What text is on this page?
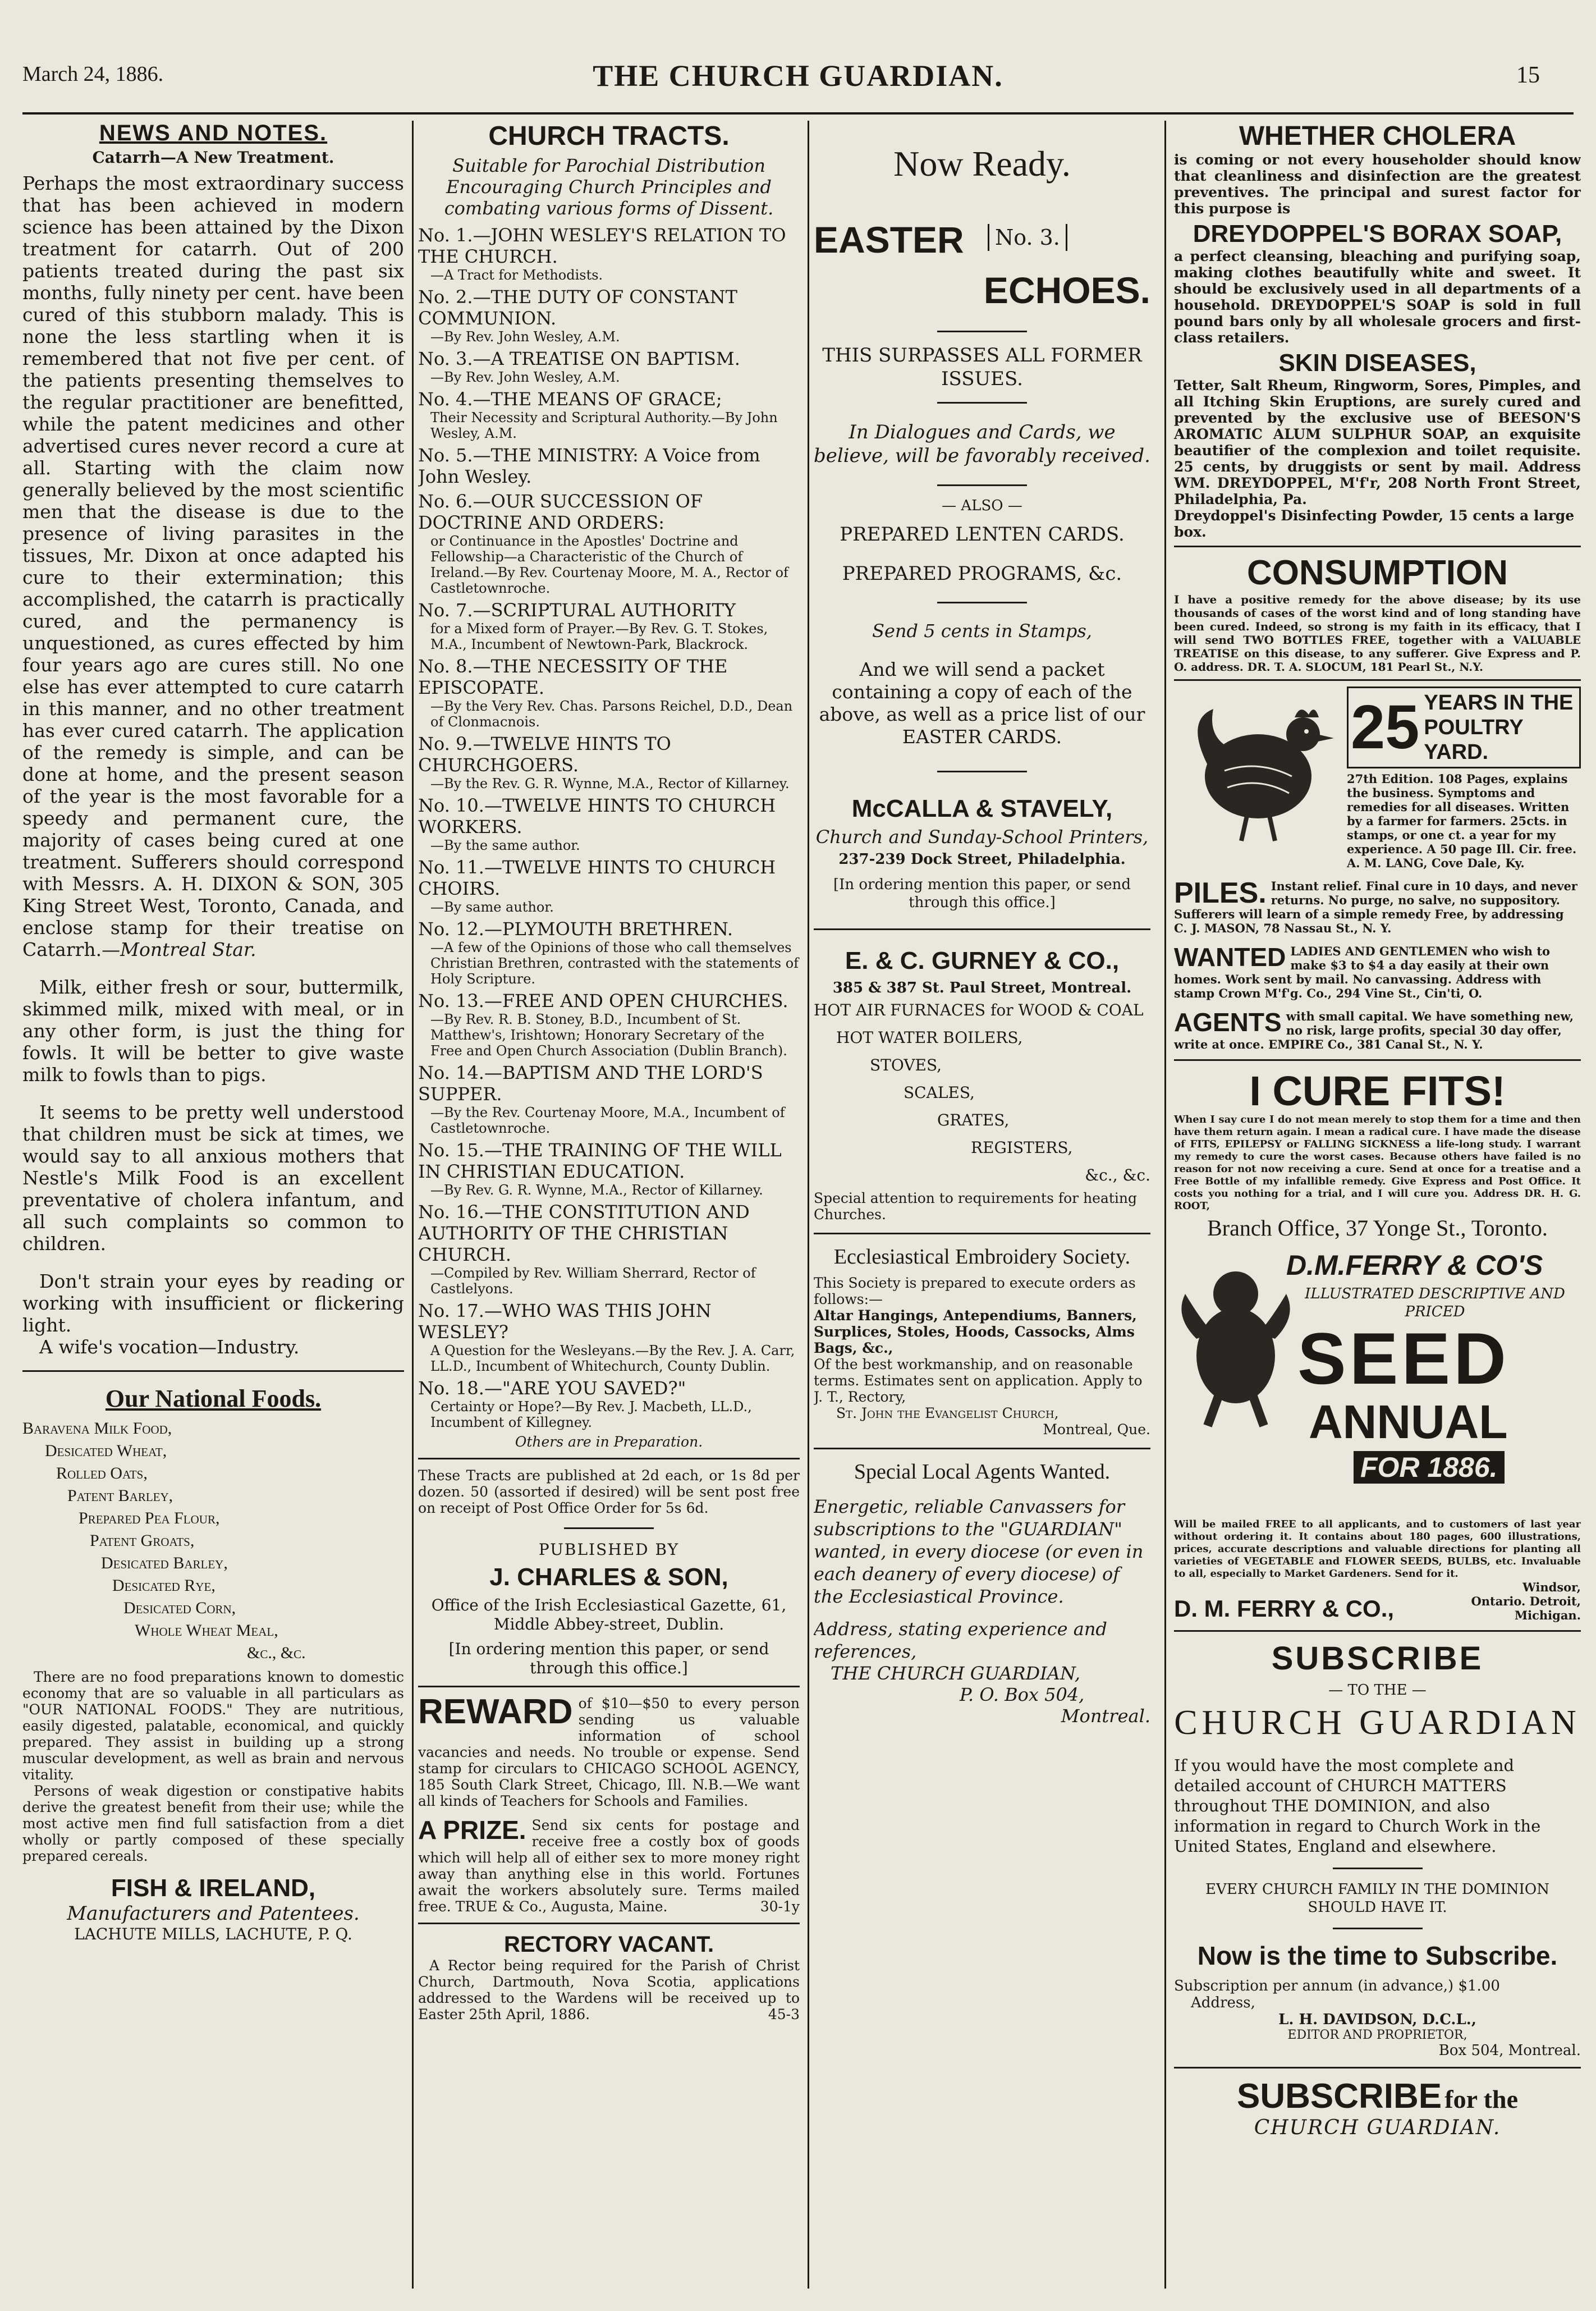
March 24, 1886.	THE CHURCH GUARDIAN.	15
NEWS AND NOTES.
Catarrh—A New Treatment.

Perhaps the most extraordinary success that has been achieved in modern science has been attained by the Dixon treatment for catarrh. Out of 200 patients treated during the past six months, fully ninety per cent. have been cured of this stubborn malady. This is none the less startling when it is remembered that not five per cent. of the patients presenting themselves to the regular practitioner are benefitted, while the patent medicines and other advertised cures never record a cure at all. Starting with the claim now generally believed by the most scientific men that the disease is due to the presence of living parasites in the tissues, Mr. Dixon at once adapted his cure to their extermination; this accomplished, the catarrh is practically cured, and the permanency is unquestioned, as cures effected by him four years ago are cures still. No one else has ever attempted to cure catarrh in this manner, and no other treatment has ever cured catarrh. The application of the remedy is simple, and can be done at home, and the present season of the year is the most favorable for a speedy and permanent cure, the majority of cases being cured at one treatment. Sufferers should correspond with Messrs. A. H. DIXON & SON, 305 King Street West, Toronto, Canada, and enclose stamp for their treatise on Catarrh.—Montreal Star.

Milk, either fresh or sour, buttermilk, skimmed milk, mixed with meal, or in any other form, is just the thing for fowls. It will be better to give waste milk to fowls than to pigs.

It seems to be pretty well understood that children must be sick at times, we would say to all anxious mothers that Nestle's Milk Food is an excellent preventative of cholera infantum, and all such complaints so common to children.

Don't strain your eyes by reading or working with insufficient or flickering light.

A wife's vocation—Industry.

Our National Foods.
Baravena Milk Food,
Desicated Wheat,
Rolled Oats,
Patent Barley,
Prepared Pea Flour,
Patent Groats,
Desicated Barley,
Desicated Rye,
Desicated Corn,
Whole Wheat Meal,
&c., &c.

There are no food preparations known to domestic economy that are so valuable in all particulars as "OUR NATIONAL FOODS." They are nutritious, easily digested, palatable, economical, and quickly prepared. They assist in building up a strong muscular development, as well as brain and nervous vitality.

Persons of weak digestion or constipative habits derive the greatest benefit from their use; while the most active men find full satisfaction from a diet wholly or partly composed of these specially prepared cereals.

FISH & IRELAND,
Manufacturers and Patentees.
LACHUTE MILLS, LACHUTE, P. Q.
CHURCH TRACTS.

Suitable for Parochial Distribution Encouraging Church Principles and combating various forms of Dissent.

No. 1.—JOHN WESLEY'S RELATION TO THE CHURCH.
—A Tract for Methodists.
No. 2.—THE DUTY OF CONSTANT COMMUNION.
—By Rev. John Wesley, A.M.
No. 3.—A TREATISE ON BAPTISM.
—By Rev. John Wesley, A.M.
No. 4.—THE MEANS OF GRACE;
Their Necessity and Scriptural Authority.—By John Wesley, A.M.
No. 5.—THE MINISTRY: A Voice from John Wesley.
No. 6.—OUR SUCCESSION OF DOCTRINE AND ORDERS:
or Continuance in the Apostles' Doctrine and Fellowship—a Characteristic of the Church of Ireland.—By Rev. Courtenay Moore, M. A., Rector of Castletownroche.
No. 7.—SCRIPTURAL AUTHORITY
for a Mixed form of Prayer.—By Rev. G. T. Stokes, M.A., Incumbent of Newtown-Park, Blackrock.
No. 8.—THE NECESSITY OF THE EPISCOPATE.
—By the Very Rev. Chas. Parsons Reichel, D.D., Dean of Clonmacnois.
No. 9.—TWELVE HINTS TO CHURCHGOERS.
—By the Rev. G. R. Wynne, M.A., Rector of Killarney.
No. 10.—TWELVE HINTS TO CHURCH WORKERS.
—By the same author.
No. 11.—TWELVE HINTS TO CHURCH CHOIRS.
—By same author.
No. 12.—PLYMOUTH BRETHREN.
—A few of the Opinions of those who call themselves Christian Brethren, contrasted with the statements of Holy Scripture.
No. 13.—FREE AND OPEN CHURCHES.
—By Rev. R. B. Stoney, B.D., Incumbent of St. Matthew's, Irishtown; Honorary Secretary of the Free and Open Church Association (Dublin Branch).
No. 14.—BAPTISM AND THE LORD'S SUPPER.
—By the Rev. Courtenay Moore, M.A., Incumbent of Castletownroche.
No. 15.—THE TRAINING OF THE WILL IN CHRISTIAN EDUCATION.
—By Rev. G. R. Wynne, M.A., Rector of Killarney.
No. 16.—THE CONSTITUTION AND AUTHORITY OF THE CHRISTIAN CHURCH.
—Compiled by Rev. William Sherrard, Rector of Castlelyons.
No. 17.—WHO WAS THIS JOHN WESLEY?
A Question for the Wesleyans.—By the Rev. J. A. Carr, LL.D., Incumbent of Whitechurch, County Dublin.
No. 18.—"ARE YOU SAVED?"
Certainty or Hope?—By Rev. J. Macbeth, LL.D., Incumbent of Killegney.

Others are in Preparation.

These Tracts are published at 2d each, or 1s 8d per dozen. 50 (assorted if desired) will be sent post free on receipt of Post Office Order for 5s 6d.

PUBLISHED BY
J. CHARLES & SON,

Office of the Irish Ecclesiastical Gazette, 61, Middle Abbey-street, Dublin.

[In ordering mention this paper, or send through this office.]

REWARD of $10—$50 to every person sending us valuable information of school vacancies and needs. No trouble or expense. Send stamp for circulars to CHICAGO SCHOOL AGENCY, 185 South Clark Street, Chicago, Ill. N.B.—We want all kinds of Teachers for Schools and Families.

A PRIZE. Send six cents for postage and receive free a costly box of goods which will help all of either sex to more money right away than anything else in this world. Fortunes await the workers absolutely sure. Terms mailed free. TRUE & Co., Augusta, Maine.	30-1y

RECTORY VACANT.

A Rector being required for the Parish of Christ Church, Dartmouth, Nova Scotia, applications addressed to the Wardens will be received up to Easter 25th April, 1886.	45-3

Now Ready.
EASTER	No. 3.
ECHOES.

THIS SURPASSES ALL FORMER ISSUES.

In Dialogues and Cards, we believe, will be favorably received.

— ALSO —

PREPARED LENTEN CARDS.

PREPARED PROGRAMS, &c.

Send 5 cents in Stamps,

And we will send a packet containing a copy of each of the above, as well as a price list of our EASTER CARDS.

McCALLA & STAVELY,

Church and Sunday-School Printers,

237-239 Dock Street, Philadelphia.

[In ordering mention this paper, or send through this office.]

E. & C. GURNEY & CO.,

385 & 387 St. Paul Street, Montreal.

HOT AIR FURNACES for WOOD & COAL

HOT WATER BOILERS,

STOVES,

SCALES,

GRATES,

REGISTERS,

&c., &c.

Special attention to requirements for heating Churches.

Ecclesiastical Embroidery Society.

This Society is prepared to execute orders as follows:—

Altar Hangings, Antependiums, Banners, Surplices, Stoles, Hoods, Cassocks, Alms Bags, &c.,

Of the best workmanship, and on reasonable terms. Estimates sent on application. Apply to J. T., Rectory,

St. John the Evangelist Church,

Montreal, Que.

Special Local Agents Wanted.

Energetic, reliable Canvassers for subscriptions to the "GUARDIAN" wanted, in every diocese (or even in each deanery of every diocese) of the Ecclesiastical Province.

Address, stating experience and references,

THE CHURCH GUARDIAN,

P. O. Box 504,

Montreal.

WHETHER CHOLERA

is coming or not every householder should know that cleanliness and disinfection are the greatest preventives. The principal and surest factor for this purpose is

DREYDOPPEL'S BORAX SOAP,

a perfect cleansing, bleaching and purifying soap, making clothes beautifully white and sweet. It should be exclusively used in all departments of a household. DREYDOPPEL'S SOAP is sold in full pound bars only by all wholesale grocers and first-class retailers.

SKIN DISEASES,

Tetter, Salt Rheum, Ringworm, Sores, Pimples, and all Itching Skin Eruptions, are surely cured and prevented by the exclusive use of BEESON'S AROMATIC ALUM SULPHUR SOAP, an exquisite beautifier of the complexion and toilet requisite. 25 cents, by druggists or sent by mail. Address WM. DREYDOPPEL, M'f'r, 208 North Front Street, Philadelphia, Pa.

Dreydoppel's Disinfecting Powder, 15 cents a large box.

CONSUMPTION

I have a positive remedy for the above disease; by its use thousands of cases of the worst kind and of long standing have been cured. Indeed, so strong is my faith in its efficacy, that I will send TWO BOTTLES FREE, together with a VALUABLE TREATISE on this disease, to any sufferer. Give Express and P. O. address. DR. T. A. SLOCUM, 181 Pearl St., N.Y.

25 YEARS IN THE POULTRY YARD.

27th Edition. 108 Pages, explains the business. Symptoms and remedies for all diseases. Written by a farmer for farmers. 25cts. in stamps, or one ct. a year for my experience. A 50 page Ill. Cir. free. A. M. LANG, Cove Dale, Ky.

PILES. Instant relief. Final cure in 10 days, and never returns. No purge, no salve, no suppository. Sufferers will learn of a simple remedy Free, by addressing C. J. MASON, 78 Nassau St., N. Y.

WANTED LADIES AND GENTLEMEN who wish to make $3 to $4 a day easily at their own homes. Work sent by mail. No canvassing. Address with stamp Crown M'f'g. Co., 294 Vine St., Cin'ti, O.

AGENTS with small capital. We have something new, no risk, large profits, special 30 day offer, write at once. EMPIRE Co., 381 Canal St., N. Y.

I CURE FITS!

When I say cure I do not mean merely to stop them for a time and then have them return again. I mean a radical cure. I have made the disease of FITS, EPILEPSY or FALLING SICKNESS a life-long study. I warrant my remedy to cure the worst cases. Because others have failed is no reason for not now receiving a cure. Send at once for a treatise and a Free Bottle of my infallible remedy. Give Express and Post Office. It costs you nothing for a trial, and I will cure you. Address DR. H. G. ROOT,

Branch Office, 37 Yonge St., Toronto.
D.M.FERRY & CO'S
ILLUSTRATED DESCRIPTIVE AND PRICED
SEED
ANNUAL
FOR 1886.

Will be mailed FREE to all applicants, and to customers of last year without ordering it. It contains about 180 pages, 600 illustrations, prices, accurate descriptions and valuable directions for planting all varieties of VEGETABLE and FLOWER SEEDS, BULBS, etc. Invaluable to all, especially to Market Gardeners. Send for it.

D. M. FERRY & CO.,
Windsor, Ontario. Detroit, Michigan.
SUBSCRIBE
— TO THE —
CHURCH GUARDIAN

If you would have the most complete and detailed account of CHURCH MATTERS throughout THE DOMINION, and also information in regard to Church Work in the United States, England and elsewhere.

EVERY CHURCH FAMILY IN THE DOMINION SHOULD HAVE IT.

Now is the time to Subscribe.

Subscription per annum (in advance,) $1.00

Address,

L. H. DAVIDSON, D.C.L.,

EDITOR AND PROPRIETOR,

Box 504, Montreal.

SUBSCRIBE for the
CHURCH GUARDIAN.
